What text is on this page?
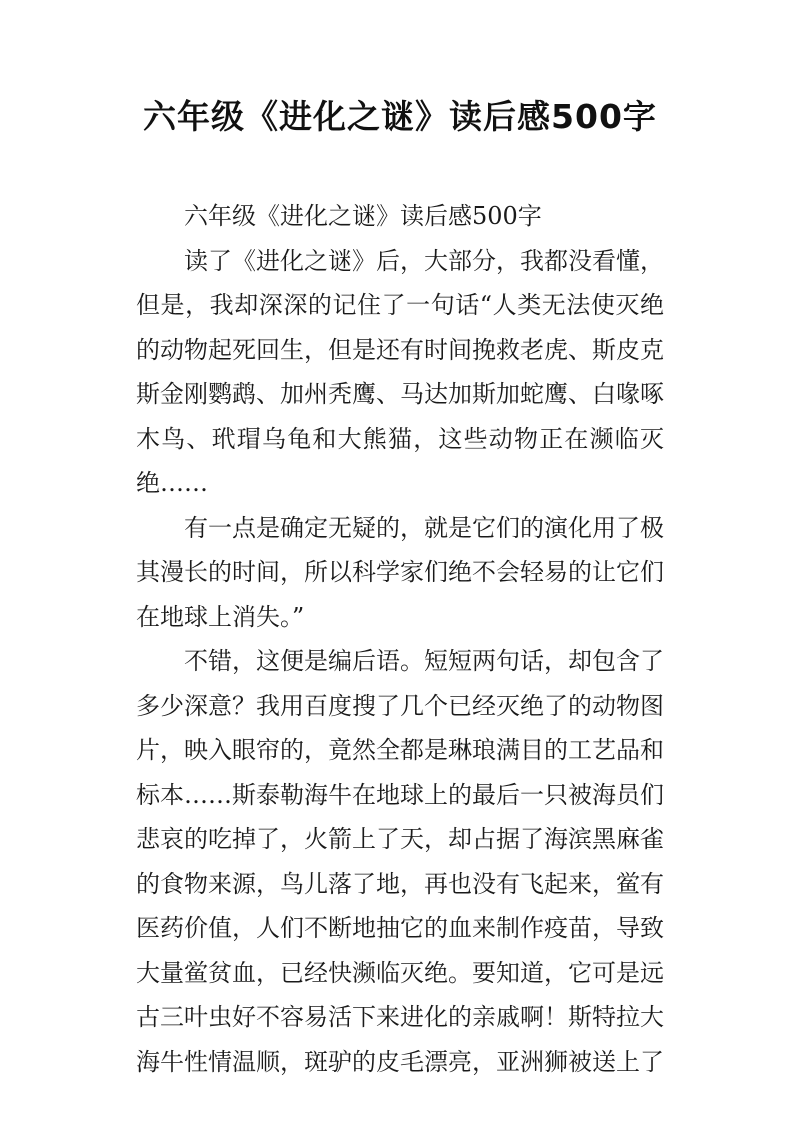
六年级《进化之谜》读后感500字

六年级《进化之谜》读后感500字

读了《进化之谜》后，大部分，我都没看懂，但是，我却深深的记住了一句话“人类无法使灭绝的动物起死回生，但是还有时间挽救老虎、斯皮克斯金刚鹦鹉、加州秃鹰、马达加斯加蛇鹰、白喙啄木鸟、玳瑁乌龟和大熊猫，这些动物正在濒临灭绝……

有一点是确定无疑的，就是它们的演化用了极其漫长的时间，所以科学家们绝不会轻易的让它们在地球上消失。”

不错，这便是编后语。短短两句话，却包含了多少深意？我用百度搜了几个已经灭绝了的动物图片，映入眼帘的，竟然全都是琳琅满目的工艺品和标本……斯泰勒海牛在地球上的最后一只被海员们悲哀的吃掉了，火箭上了天，却占据了海滨黑麻雀的食物来源，鸟儿落了地，再也没有飞起来，鲎有医药价值，人们不断地抽它的血来制作疫苗，导致大量鲎贫血，已经快濒临灭绝。要知道，它可是远古三叶虫好不容易活下来进化的亲戚啊！斯特拉大海牛性情温顺，斑驴的皮毛漂亮，亚洲狮被送上了
